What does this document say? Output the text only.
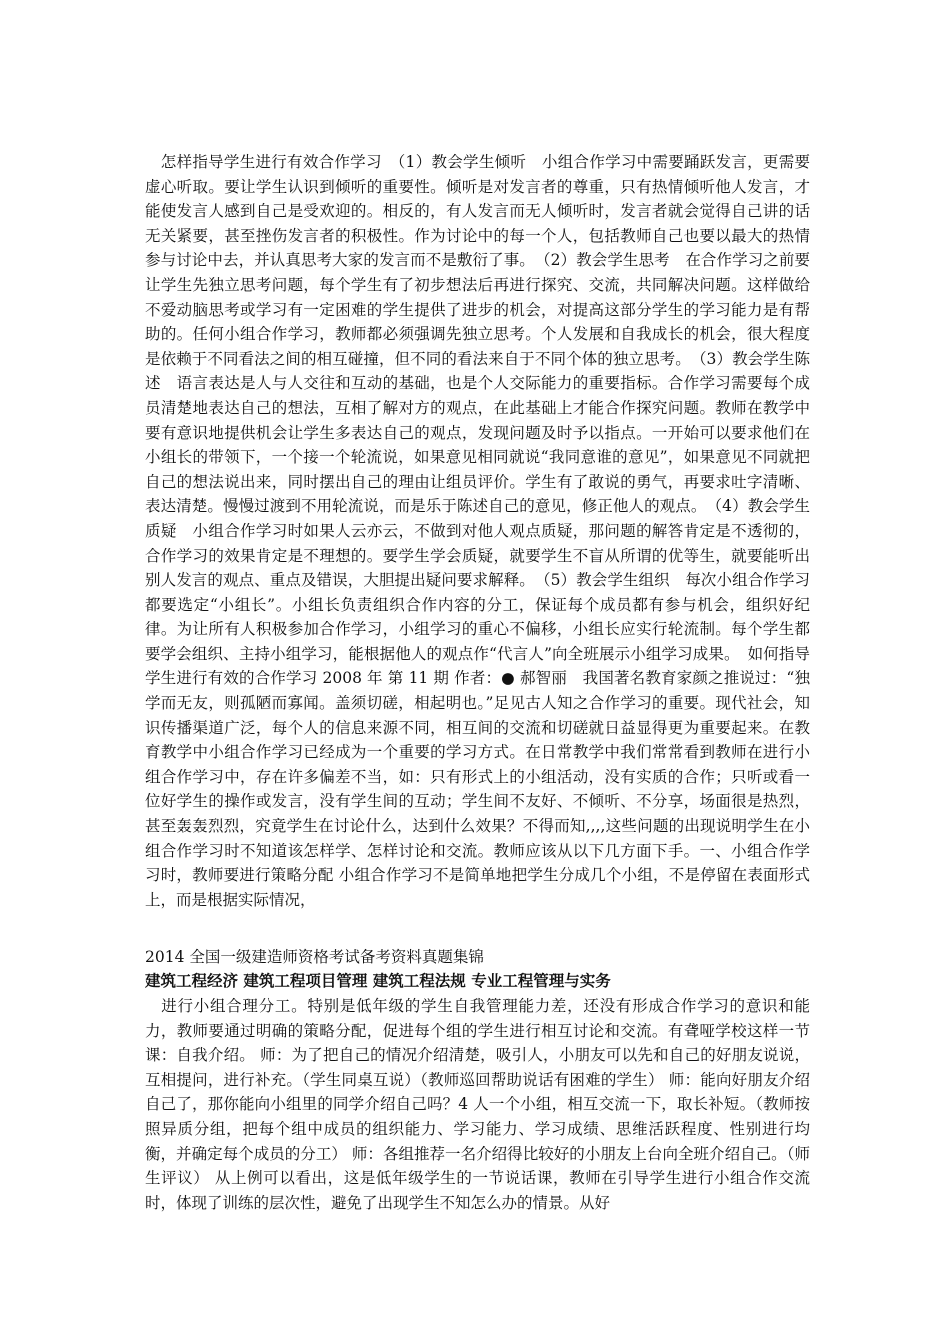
　怎样指导学生进行有效合作学习　（1）教会学生倾听　小组合作学习中需要踊跃发言，更需要虚心听取。要让学生认识到倾听的重要性。倾听是对发言者的尊重，只有热情倾听他人发言，才能使发言人感到自己是受欢迎的。相反的，有人发言而无人倾听时，发言者就会觉得自己讲的话无关紧要，甚至挫伤发言者的积极性。作为讨论中的每一个人，包括教师自己也要以最大的热情参与讨论中去，并认真思考大家的发言而不是敷衍了事。　（2）教会学生思考　在合作学习之前要让学生先独立思考问题，每个学生有了初步想法后再进行探究、交流，共同解决问题。这样做给不爱动脑思考或学习有一定困难的学生提供了进步的机会，对提高这部分学生的学习能力是有帮助的。任何小组合作学习，教师都必须强调先独立思考。个人发展和自我成长的机会，很大程度是依赖于不同看法之间的相互碰撞，但不同的看法来自于不同个体的独立思考。　（3）教会学生陈述　语言表达是人与人交往和互动的基础，也是个人交际能力的重要指标。合作学习需要每个成员清楚地表达自己的想法，互相了解对方的观点，在此基础上才能合作探究问题。教师在教学中要有意识地提供机会让学生多表达自己的观点，发现问题及时予以指点。一开始可以要求他们在小组长的带领下，一个接一个轮流说，如果意见相同就说“我同意谁的意见”，如果意见不同就把自己的想法说出来，同时摆出自己的理由让组员评价。学生有了敢说的勇气，再要求吐字清晰、表达清楚。慢慢过渡到不用轮流说，而是乐于陈述自己的意见，修正他人的观点。　（4）教会学生质疑　小组合作学习时如果人云亦云，不做到对他人观点质疑，那问题的解答肯定是不透彻的，合作学习的效果肯定是不理想的。要学生学会质疑，就要学生不盲从所谓的优等生，就要能听出别人发言的观点、重点及错误，大胆提出疑问要求解释。　（5）教会学生组织　每次小组合作学习都要选定“小组长”。小组长负责组织合作内容的分工，保证每个成员都有参与机会，组织好纪律。为让所有人积极参加合作学习，小组学习的重心不偏移，小组长应实行轮流制。每个学生都要学会组织、主持小组学习，能根据他人的观点作“代言人”向全班展示小组学习成果。　如何指导学生进行有效的合作学习 2008 年 第 11 期 作者：● 郝智丽　我国著名教育家颜之推说过：“独学而无友，则孤陋而寡闻。盖须切磋，相起明也。”足见古人知之合作学习的重要。现代社会，知识传播渠道广泛，每个人的信息来源不同，相互间的交流和切磋就日益显得更为重要起来。在教育教学中小组合作学习已经成为一个重要的学习方式。在日常教学中我们常常看到教师在进行小组合作学习中，存在许多偏差不当，如：只有形式上的小组活动，没有实质的合作；只听或看一位好学生的操作或发言，没有学生间的互动；学生间不友好、不倾听、不分享，场面很是热烈，甚至轰轰烈烈，究竟学生在讨论什么，达到什么效果？不得而知,,,,这些问题的出现说明学生在小组合作学习时不知道该怎样学、怎样讨论和交流。教师应该从以下几方面下手。一、小组合作学习时，教师要进行策略分配 小组合作学习不是简单地把学生分成几个小组，不是停留在表面形式上，而是根据实际情况，
2014 全国一级建造师资格考试备考资料真题集锦
建筑工程经济 建筑工程项目管理 建筑工程法规 专业工程管理与实务
　进行小组合理分工。特别是低年级的学生自我管理能力差，还没有形成合作学习的意识和能力，教师要通过明确的策略分配，促进每个组的学生进行相互讨论和交流。有聋哑学校这样一节课：自我介绍。 师：为了把自己的情况介绍清楚，吸引人，小朋友可以先和自己的好朋友说说，互相提问，进行补充。（学生同桌互说）（教师巡回帮助说话有困难的学生） 师：能向好朋友介绍自己了，那你能向小组里的同学介绍自己吗？4 人一个小组，相互交流一下，取长补短。（教师按照异质分组，把每个组中成员的组织能力、学习能力、学习成绩、思维活跃程度、性别进行均衡，并确定每个成员的分工） 师：各组推荐一名介绍得比较好的小朋友上台向全班介绍自己。（师生评议） 从上例可以看出，这是低年级学生的一节说话课，教师在引导学生进行小组合作交流时，体现了训练的层次性，避免了出现学生不知怎么办的情景。从好
